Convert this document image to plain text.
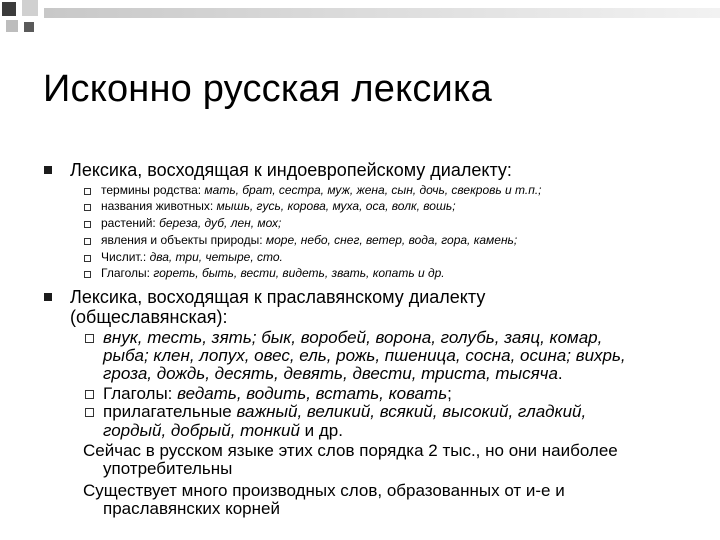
Исконно русская лексика
Лексика, восходящая к индоевропейскому диалекту:
термины родства: мать, брат, сестра, муж, жена, сын, дочь, свекровь и т.п.;
названия животных: мышь, гусь, корова, муха, оса, волк, вошь;
растений: береза, дуб, лен, мох;
явления и объекты природы: море, небо, снег, ветер, вода, гора, камень;
Числит.: два, три, четыре, сто.
Глаголы: гореть, быть, вести, видеть, звать, копать и др.
Лексика, восходящая к праславянскому диалекту
(общеславянская):
внук, тесть, зять; бык, воробей, ворона, голубь, заяц, комар,
рыба; клен, лопух, овес, ель, рожь, пшеница, сосна, осина; вихрь,
гроза, дождь, десять, девять, двести, триста, тысяча.
Глаголы: ведать, водить, встать, ковать;
прилагательные важный, великий, всякий, высокий, гладкий,
гордый, добрый, тонкий и др.
Сейчас в русском языке этих слов порядка 2 тыс., но они наиболее
употребительны
Существует много производных слов, образованных от и-е и
праславянских корней
